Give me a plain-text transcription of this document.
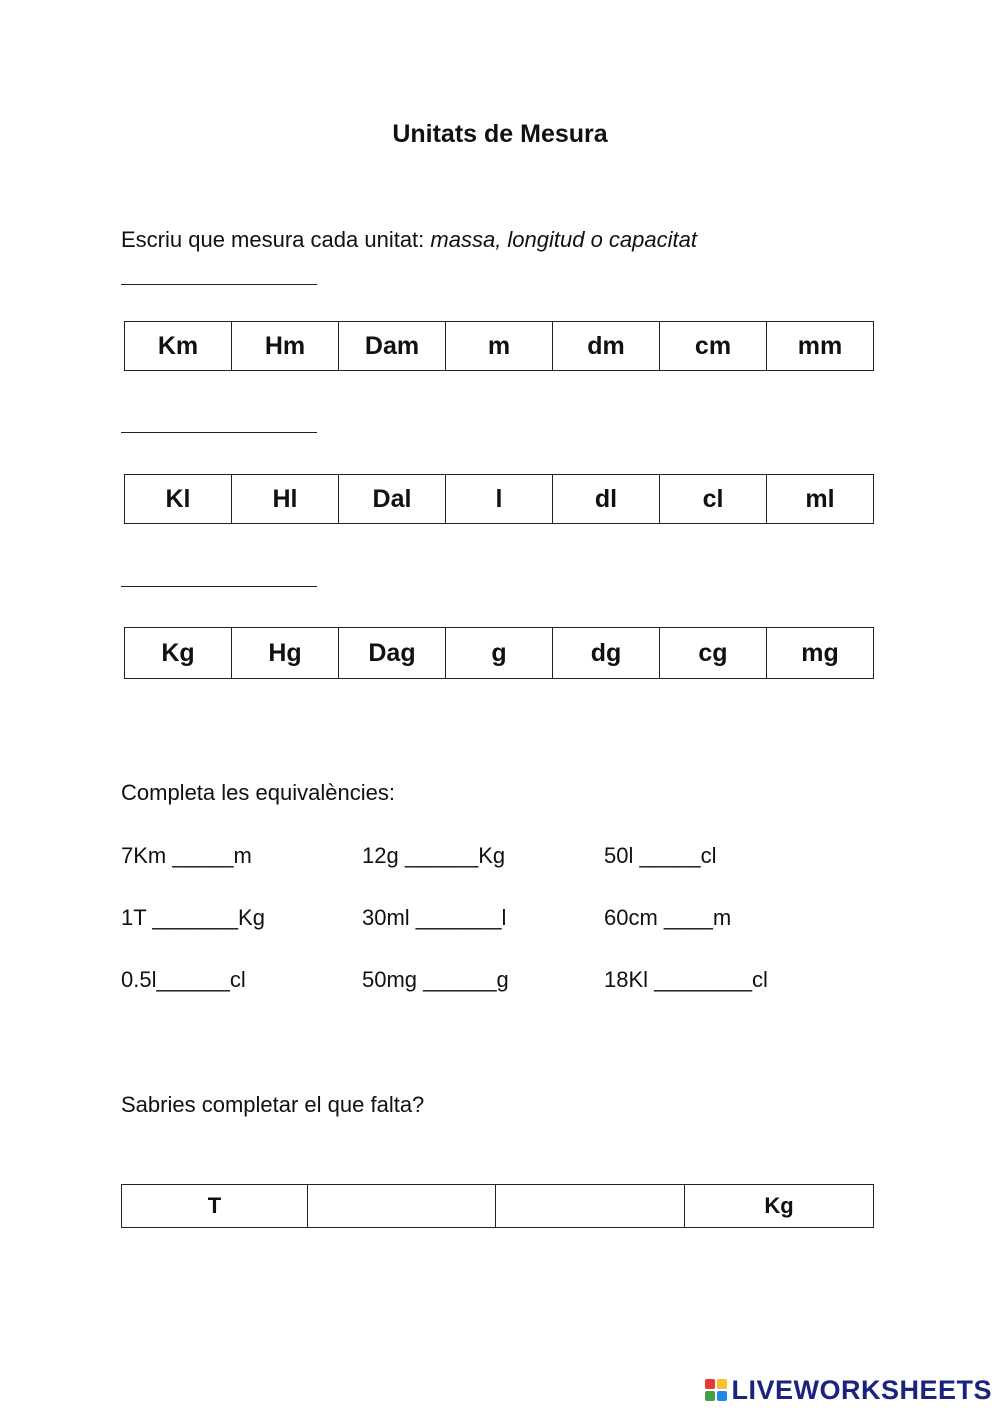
Unitats de Mesura
Escriu que mesura cada unitat: massa, longitud o capacitat
Km	Hm	Dam	m	dm	cm	mm
Kl	Hl	Dal	l	dl	cl	ml
Kg	Hg	Dag	g	dg	cg	mg
Completa les equivalències:
7Km _____m	12g ______Kg	50l _____cl
1T _______Kg	30ml _______l	60cm ____m
0.5l______cl	50mg ______g	18Kl ________cl
Sabries completar el que falta?
T			Kg
LIVEWORKSHEETS
